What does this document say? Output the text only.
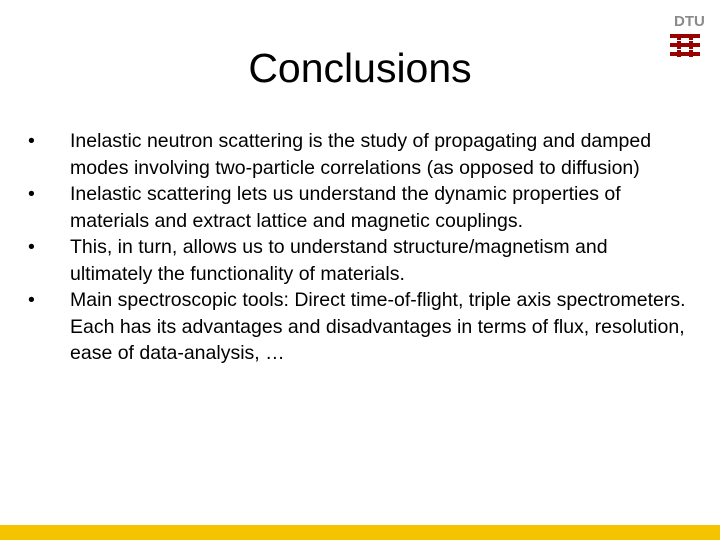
DTU
Conclusions
•	Inelastic neutron scattering is the study of propagating and damped modes involving two-particle correlations (as opposed to diffusion)
•	Inelastic scattering lets us understand the dynamic properties of materials and extract lattice and magnetic couplings.
•	This, in turn, allows us to understand structure/magnetism and ultimately the functionality of materials.
•	Main spectroscopic tools: Direct time-of-flight, triple axis spectrometers. Each has its advantages and disadvantages in terms of flux, resolution, ease of data-analysis, …
